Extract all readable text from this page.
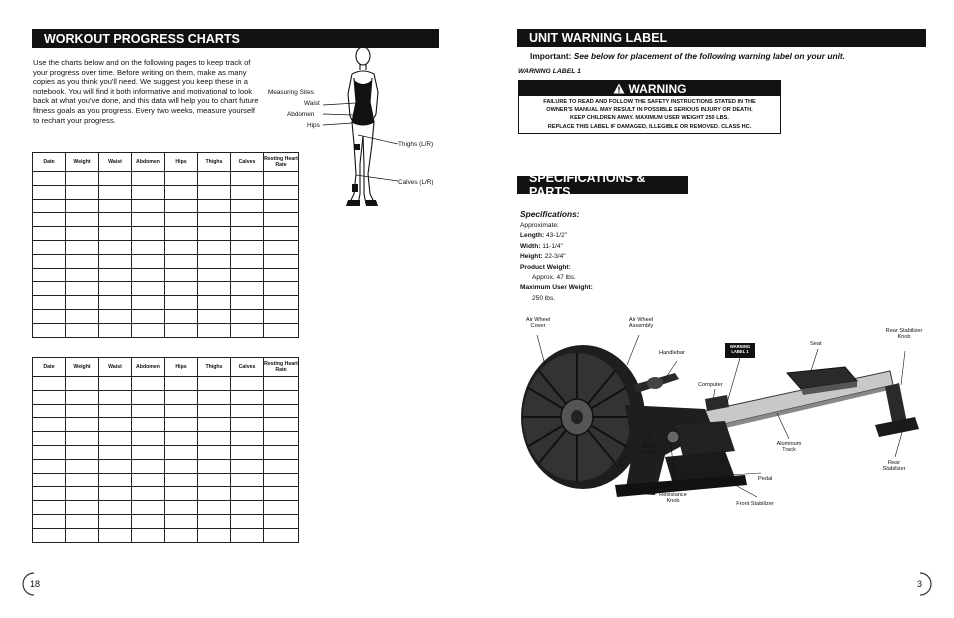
WORKOUT PROGRESS CHARTS
Use the charts below and on the following pages to keep track of your progress over time. Before writing on them, make as many copies as you think you'll need. We suggest you keep these in a notebook. You will find it both informative and motivational to look back at what you've done, and this data will help you to chart future fitness goals as you progress. Every two weeks, measure yourself to rechart your progress.
Measuring Sites
Waist
Abdomen
Hips
Thighs (L/R)
Calves (L/R)
Date	Weight	Waist	Abdomen	Hips	Thighs	Calves	Resting Heart Rate

Date	Weight	Waist	Abdomen	Hips	Thighs	Calves	Resting Heart Rate

18
UNIT WARNING LABEL
Important: See below for placement of the following warning label on your unit.
WARNING LABEL 1
WARNING
FAILURE TO READ AND FOLLOW THE SAFETY INSTRUCTIONS STATED IN THE
OWNER'S MANUAL MAY RESULT IN POSSIBLE SERIOUS INJURY OR DEATH.
KEEP CHILDREN AWAY. MAXIMUM USER WEIGHT 250 LBS.
REPLACE THIS LABEL IF DAMAGED, ILLEGIBLE OR REMOVED. CLASS HC.
SPECIFICATIONS & PARTS
Specifications:
Approximate:
Length: 43-1/2"
Width: 11-1/4"
Height: 22-3/4"
Product Weight:
Approx. 47 lbs.
Maximum User Weight:
250 lbs.
WARNING LABEL 1
Air Wheel Cover
Air Wheel Assembly
Handlebar
Seat
Rear Stabilizer Knob
Computer
Main Frame
Chain
Aluminum Track
Rear Stabilizer
Pedal
Resistance Knob	Front Stabilizer
3
